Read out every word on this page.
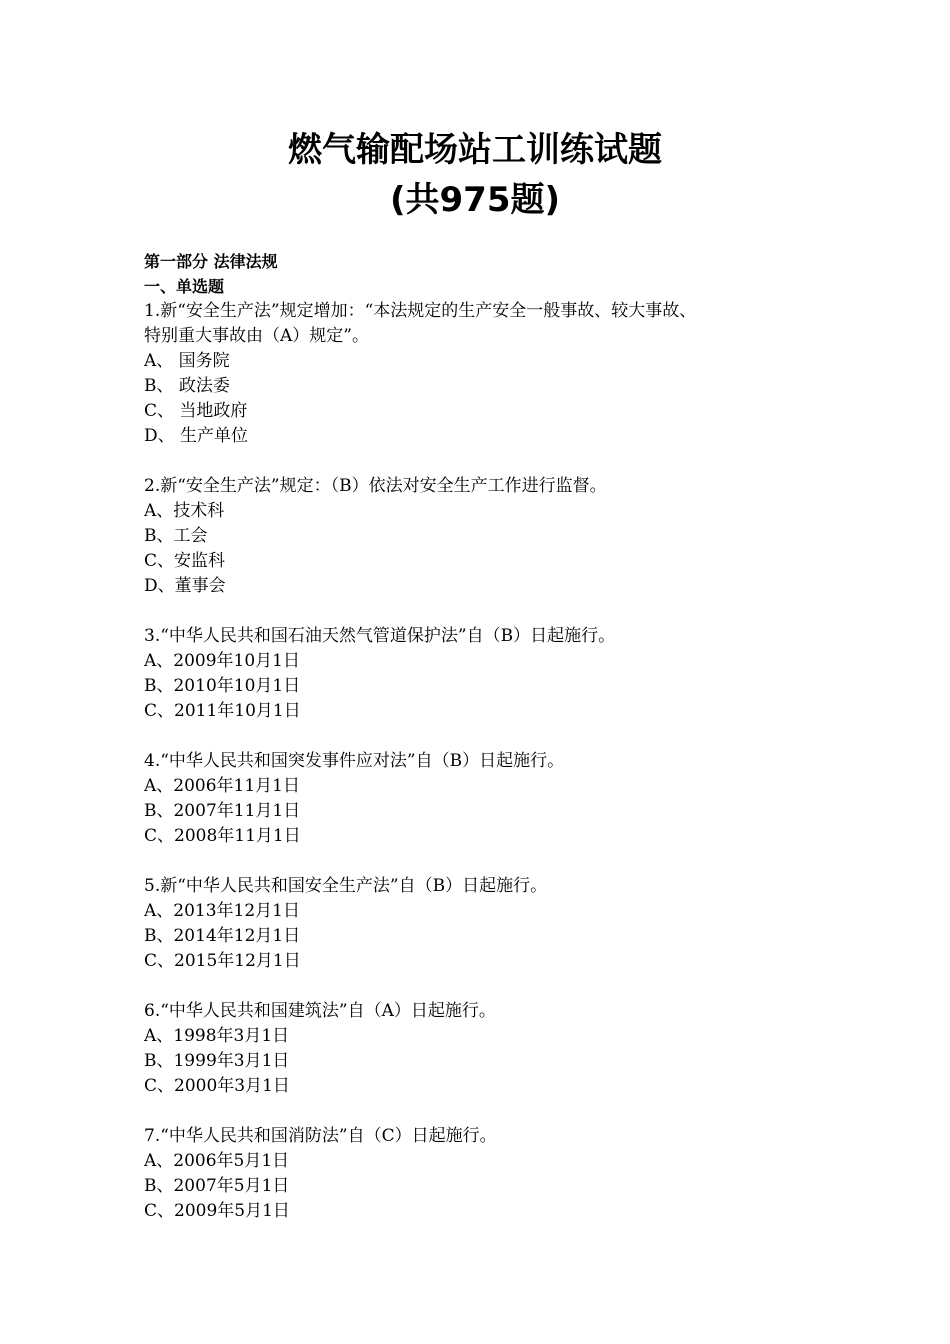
燃气输配场站工训练试题
(共975题)
第一部分 法律法规
一、单选题
1.新“安全生产法”规定增加：“本法规定的生产安全一般事故、较大事故、
特别重大事故由（A）规定”。
A、 国务院
B、 政法委
C、 当地政府
D、 生产单位
2.新“安全生产法”规定：（B）依法对安全生产工作进行监督。
A、技术科
B、工会
C、安监科
D、董事会
3.“中华人民共和国石油天然气管道保护法”自（B）日起施行。
A、2009年10月1日
B、2010年10月1日
C、2011年10月1日
4.“中华人民共和国突发事件应对法”自（B）日起施行。
A、2006年11月1日
B、2007年11月1日
C、2008年11月1日
5.新“中华人民共和国安全生产法”自（B）日起施行。
A、2013年12月1日
B、2014年12月1日
C、2015年12月1日
6.“中华人民共和国建筑法”自（A）日起施行。
A、1998年3月1日
B、1999年3月1日
C、2000年3月1日
7.“中华人民共和国消防法”自（C）日起施行。
A、2006年5月1日
B、2007年5月1日
C、2009年5月1日
